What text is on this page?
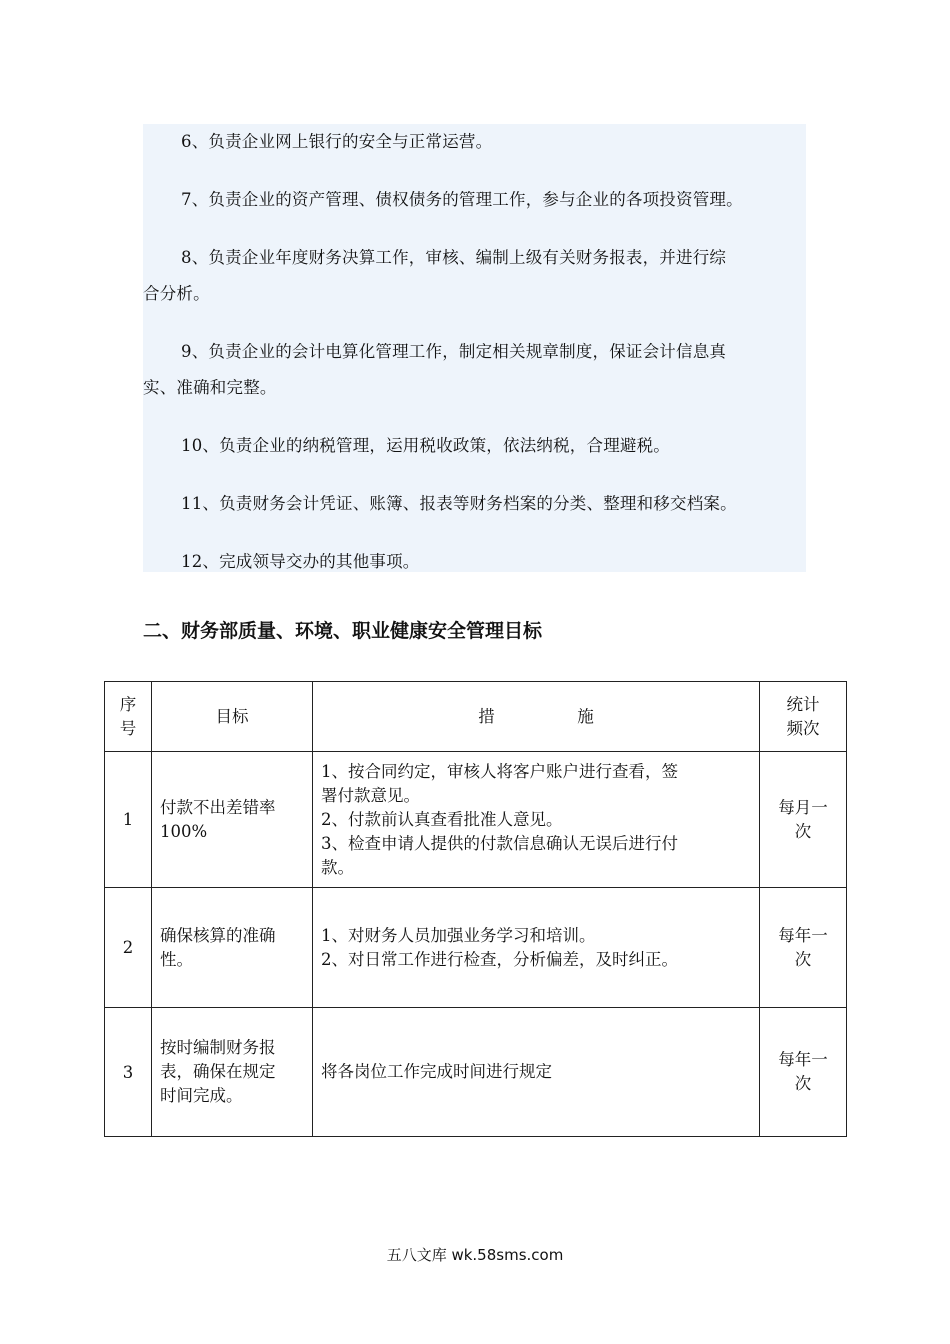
6、负责企业网上银行的安全与正常运营。

7、负责企业的资产管理、债权债务的管理工作，参与企业的各项投资管理。

8、负责企业年度财务决算工作，审核、编制上级有关财务报表，并进行综

合分析。

9、负责企业的会计电算化管理工作，制定相关规章制度，保证会计信息真

实、准确和完整。

10、负责企业的纳税管理，运用税收政策，依法纳税，合理避税。

11、负责财务会计凭证、账簿、报表等财务档案的分类、整理和移交档案。

12、完成领导交办的其他事项。

二、财务部质量、环境、职业健康安全管理目标
序
号	目标	措　　　　　施	统计
频次

1	付款不出差错率
100%	1、按合同约定，审核人将客户账户进行查看，签
署付款意见。
2、付款前认真查看批准人意见。
3、检查申请人提供的付款信息确认无误后进行付
款。	每月一
次

2	确保核算的准确
性。	1、对财务人员加强业务学习和培训。
2、对日常工作进行检查，分析偏差，及时纠正。	每年一
次

3	按时编制财务报
表，确保在规定
时间完成。	将各岗位工作完成时间进行规定	每年一
次
五八文库 wk.58sms.com
